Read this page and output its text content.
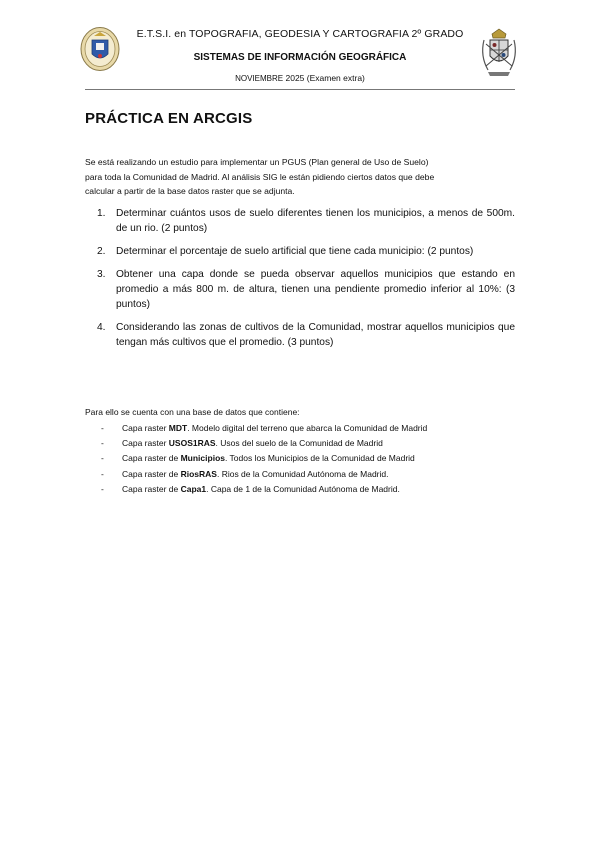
E.T.S.I. en TOPOGRAFIA, GEODESIA Y CARTOGRAFIA 2º GRADO
SISTEMAS DE INFORMACIÓN GEOGRÁFICA
NOVIEMBRE 2025 (Examen extra)
PRÁCTICA EN ARCGIS
Se está realizando un estudio para implementar un PGUS (Plan general de Uso de Suelo)
para toda la Comunidad de Madrid. Al análisis SIG le están pidiendo ciertos datos que debe
calcular a partir de la base datos raster que se adjunta.
1. Determinar cuántos usos de suelo diferentes tienen los municipios, a menos de 500m. de un rio. (2 puntos)
2. Determinar el porcentaje de suelo artificial que tiene cada municipio: (2 puntos)
3. Obtener una capa donde se pueda observar aquellos municipios que estando en promedio a más 800 m. de altura, tienen una pendiente promedio inferior al 10%: (3 puntos)
4. Considerando las zonas de cultivos de la Comunidad, mostrar aquellos municipios que tengan más cultivos que el promedio. (3 puntos)
Para ello se cuenta con una base de datos que contiene:
- Capa raster MDT. Modelo digital del terreno que abarca la Comunidad de Madrid
- Capa raster USOS1RAS. Usos del suelo de la Comunidad de Madrid
- Capa raster de Municipios. Todos los Municipios de la Comunidad de Madrid
- Capa raster de RiosRAS. Rios de la Comunidad Autónoma de Madrid.
- Capa raster de Capa1. Capa de 1 de la Comunidad Autónoma de Madrid.
